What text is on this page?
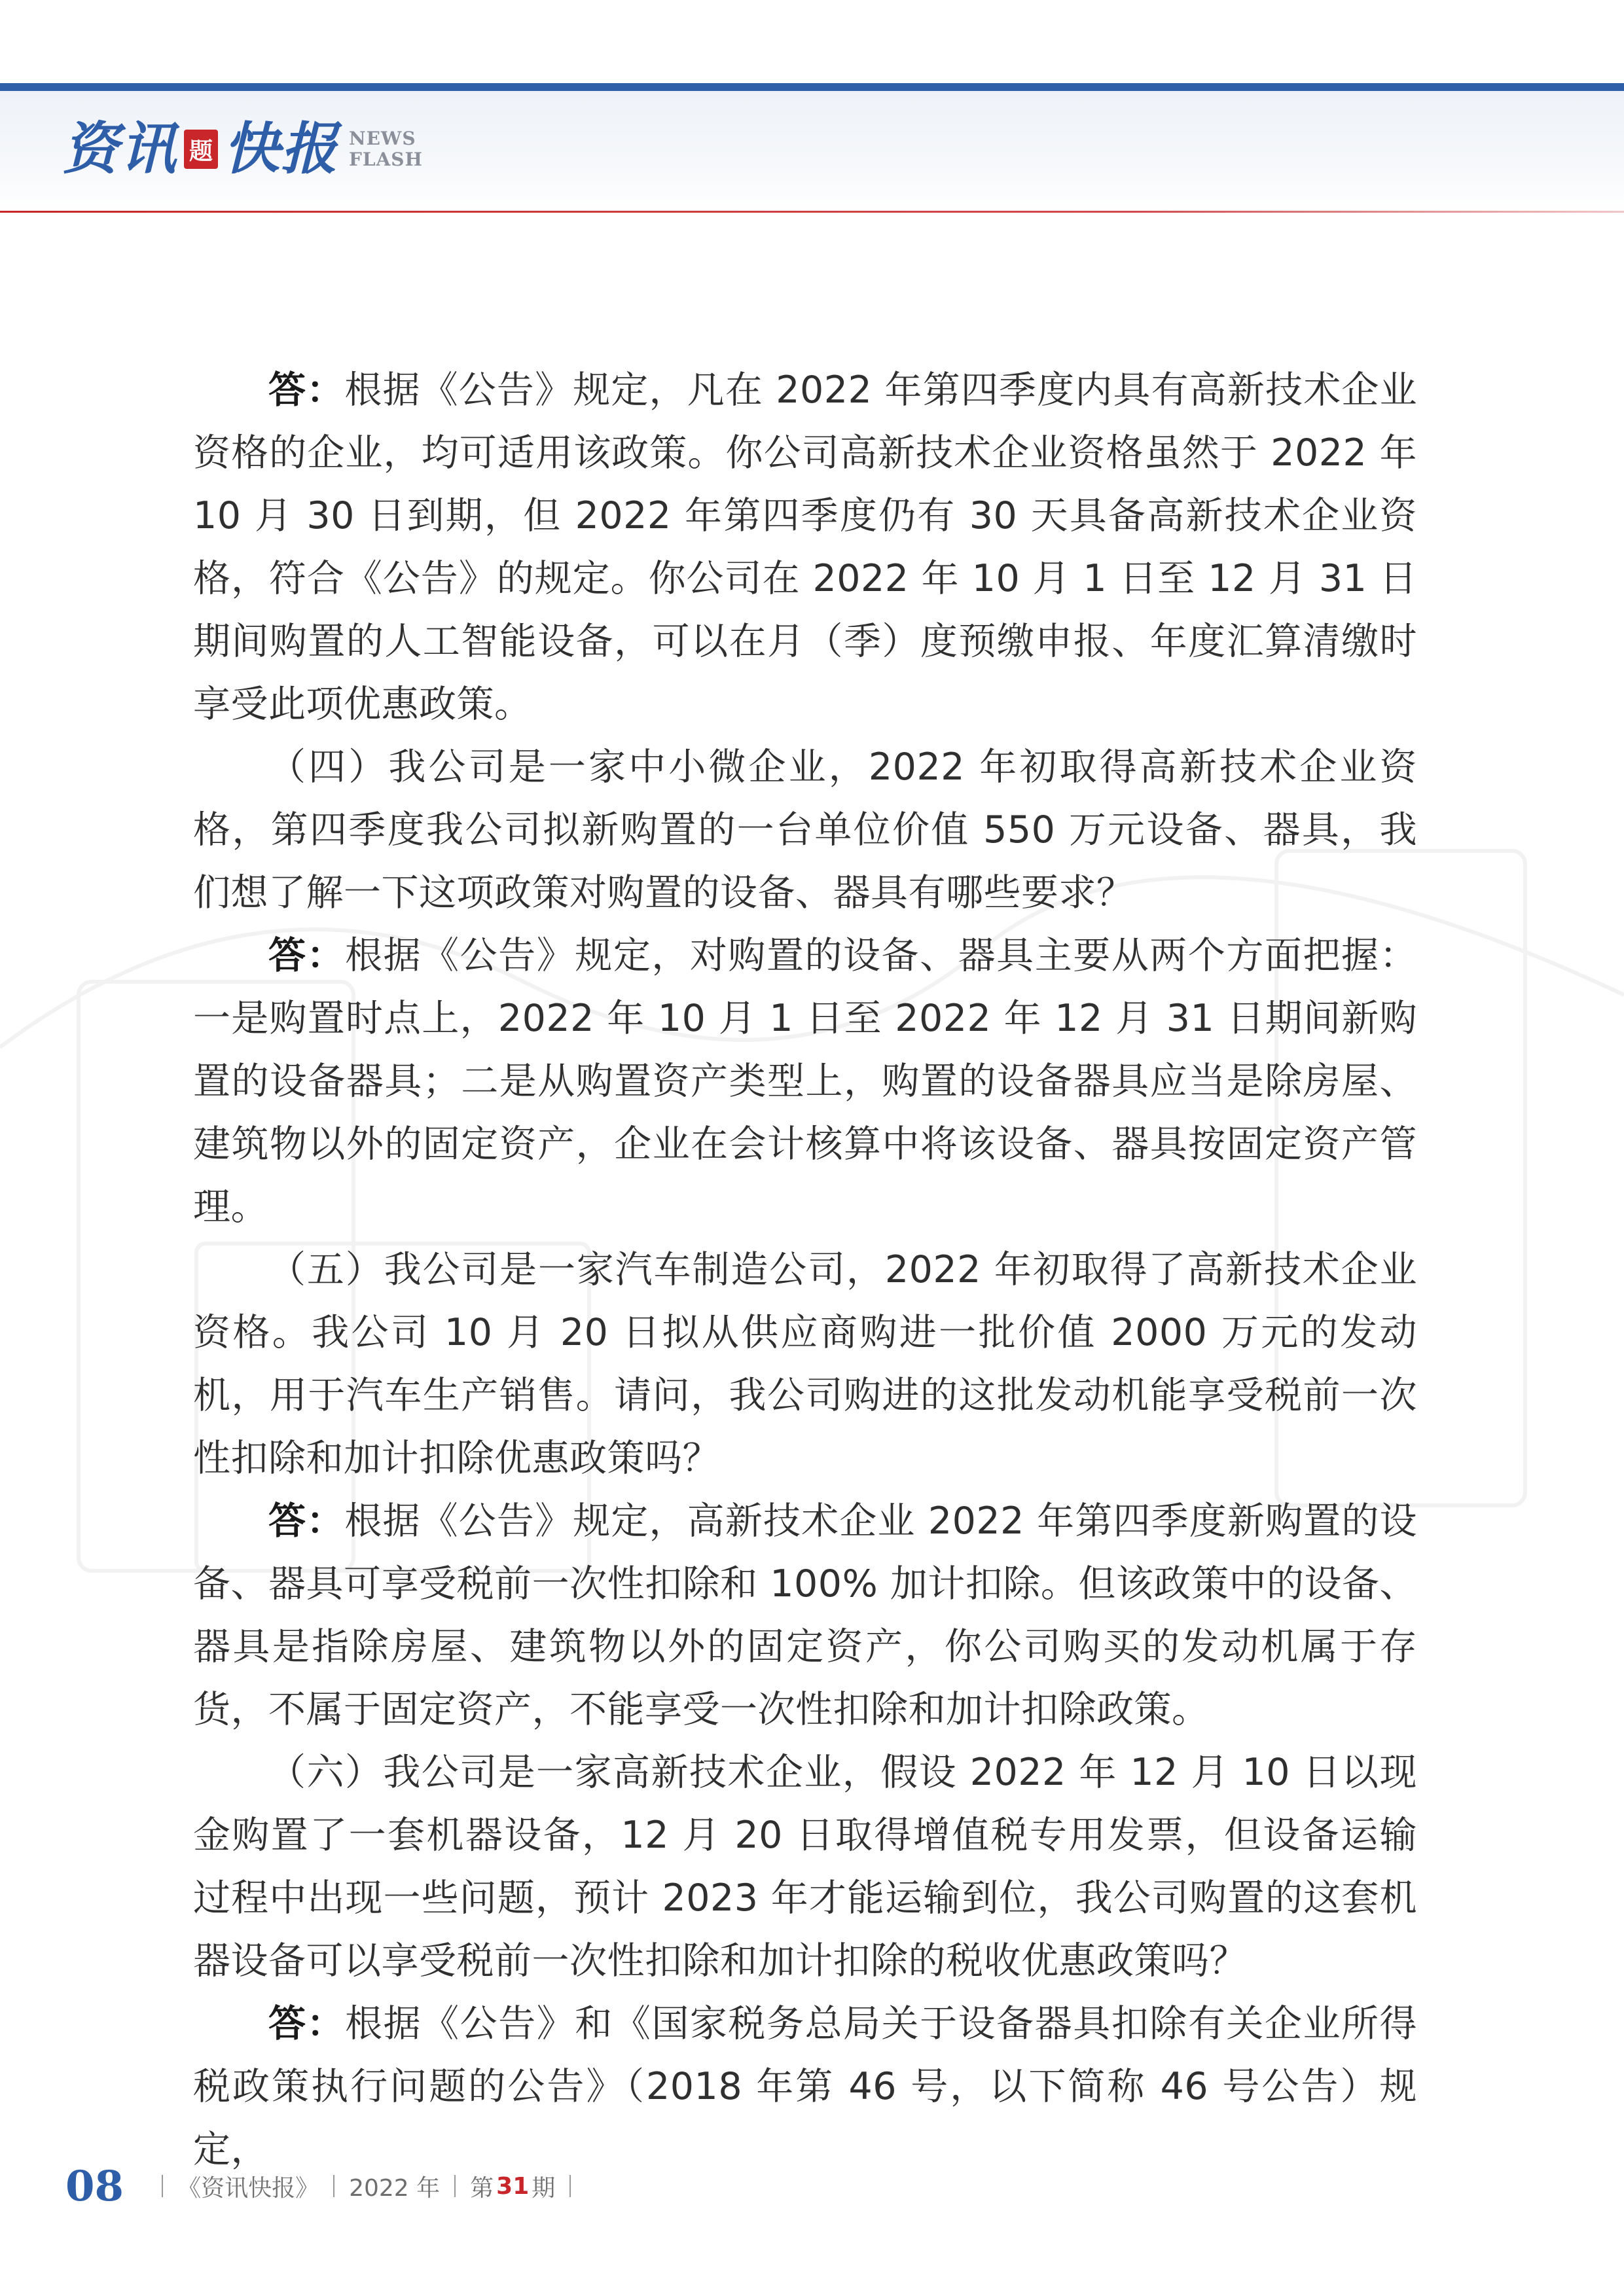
资讯 题 快报 NEWS
FLASH

答：根据《公告》规定，凡在 2022 年第四季度内具有高新技术企业资格的企业，均可适用该政策。你公司高新技术企业资格虽然于 2022 年 10 月 30 日到期，但 2022 年第四季度仍有 30 天具备高新技术企业资格，符合《公告》的规定。你公司在 2022 年 10 月 1 日至 12 月 31 日期间购置的人工智能设备，可以在月（季）度预缴申报、年度汇算清缴时享受此项优惠政策。

（四）我公司是一家中小微企业，2022 年初取得高新技术企业资格，第四季度我公司拟新购置的一台单位价值 550 万元设备、器具，我们想了解一下这项政策对购置的设备、器具有哪些要求？

答：根据《公告》规定，对购置的设备、器具主要从两个方面把握：一是购置时点上，2022 年 10 月 1 日至 2022 年 12 月 31 日期间新购置的设备器具；二是从购置资产类型上，购置的设备器具应当是除房屋、建筑物以外的固定资产，企业在会计核算中将该设备、器具按固定资产管理。

（五）我公司是一家汽车制造公司，2022 年初取得了高新技术企业资格。我公司 10 月 20 日拟从供应商购进一批价值 2000 万元的发动机，用于汽车生产销售。请问，我公司购进的这批发动机能享受税前一次性扣除和加计扣除优惠政策吗？

答：根据《公告》规定，高新技术企业 2022 年第四季度新购置的设备、器具可享受税前一次性扣除和 100% 加计扣除。但该政策中的设备、器具是指除房屋、建筑物以外的固定资产，你公司购买的发动机属于存货，不属于固定资产，不能享受一次性扣除和加计扣除政策。

（六）我公司是一家高新技术企业，假设 2022 年 12 月 10 日以现金购置了一套机器设备，12 月 20 日取得增值税专用发票，但设备运输过程中出现一些问题，预计 2023 年才能运输到位，我公司购置的这套机器设备可以享受税前一次性扣除和加计扣除的税收优惠政策吗？

答：根据《公告》和《国家税务总局关于设备器具扣除有关企业所得税政策执行问题的公告》（2018 年第 46 号，以下简称 46 号公告）规定，

08 《资讯快报》 2022 年 第 31 期
